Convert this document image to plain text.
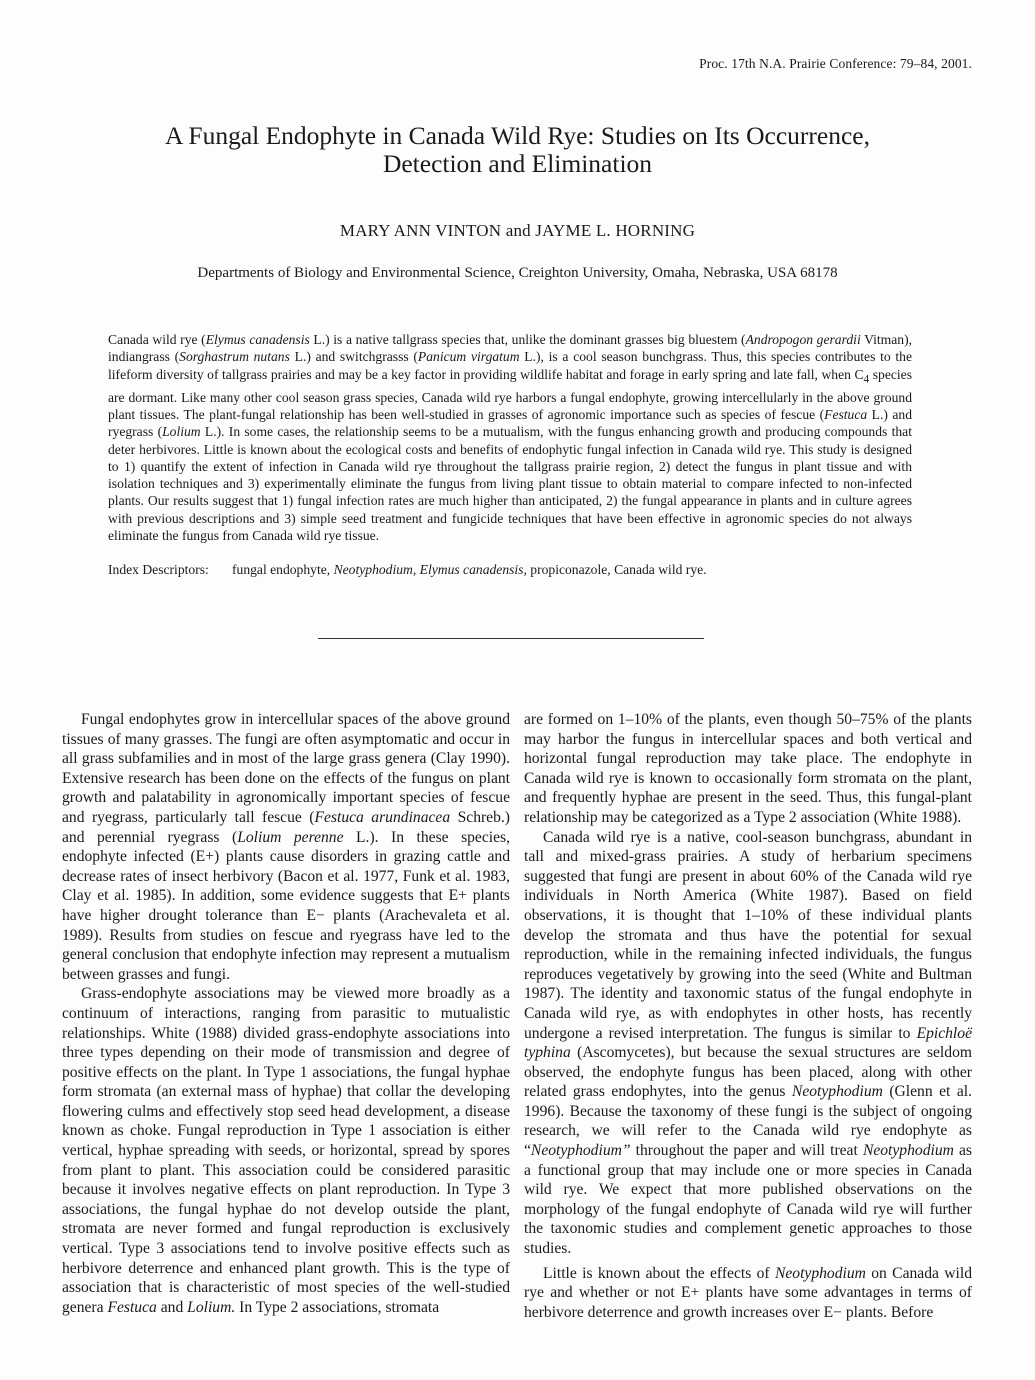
Proc. 17th N.A. Prairie Conference: 79–84, 2001.
A Fungal Endophyte in Canada Wild Rye: Studies on Its Occurrence,
Detection and Elimination
MARY ANN VINTON and JAYME L. HORNING
Departments of Biology and Environmental Science, Creighton University, Omaha, Nebraska, USA 68178

Canada wild rye (Elymus canadensis L.) is a native tallgrass species that, unlike the dominant grasses big bluestem (Andropogon gerardii Vitman), indiangrass (Sorghastrum nutans L.) and switchgrasss (Panicum virgatum L.), is a cool season bunchgrass. Thus, this species contributes to the lifeform diversity of tallgrass prairies and may be a key factor in providing wildlife habitat and forage in early spring and late fall, when $C_4$ species are dormant. Like many other cool season grass species, Canada wild rye harbors a fungal endophyte, growing intercellularly in the above ground plant tissues. The plant-fungal relationship has been well-studied in grasses of agronomic importance such as species of fescue (Festuca L.) and ryegrass (Lolium L.). In some cases, the relationship seems to be a mutualism, with the fungus enhancing growth and producing compounds that deter herbivores. Little is known about the ecological costs and benefits of endophytic fungal infection in Canada wild rye. This study is designed to 1) quantify the extent of infection in Canada wild rye throughout the tallgrass prairie region, 2) detect the fungus in plant tissue and with isolation techniques and 3) experimentally eliminate the fungus from living plant tissue to obtain material to compare infected to non-infected plants. Our results suggest that 1) fungal infection rates are much higher than anticipated, 2) the fungal appearance in plants and in culture agrees with previous descriptions and 3) simple seed treatment and fungicide techniques that have been effective in agronomic species do not always eliminate the fungus from Canada wild rye tissue.

Index Descriptors: fungal endophyte, Neotyphodium, Elymus canadensis, propiconazole, Canada wild rye.

Fungal endophytes grow in intercellular spaces of the above ground tissues of many grasses. The fungi are often asymptomatic and occur in all grass subfamilies and in most of the large grass genera (Clay 1990). Extensive research has been done on the effects of the fungus on plant growth and palatability in agronomically important species of fescue and ryegrass, particularly tall fescue (Festuca arundinacea Schreb.) and perennial ryegrass (Lolium perenne L.). In these species, endophyte infected (E+) plants cause disorders in grazing cattle and decrease rates of insect herbivory (Bacon et al. 1977, Funk et al. 1983, Clay et al. 1985). In addition, some evidence suggests that E+ plants have higher drought tolerance than E− plants (Arachevaleta et al. 1989). Results from studies on fescue and ryegrass have led to the general conclusion that endophyte infection may represent a mutualism between grasses and fungi.

Grass-endophyte associations may be viewed more broadly as a continuum of interactions, ranging from parasitic to mutualistic relationships. White (1988) divided grass-endophyte associations into three types depending on their mode of transmission and degree of positive effects on the plant. In Type 1 associations, the fungal hyphae form stromata (an external mass of hyphae) that collar the developing flowering culms and effectively stop seed head development, a disease known as choke. Fungal reproduction in Type 1 association is either vertical, hyphae spreading with seeds, or horizontal, spread by spores from plant to plant. This association could be considered parasitic because it involves negative effects on plant reproduction. In Type 3 associations, the fungal hyphae do not develop outside the plant, stromata are never formed and fungal reproduction is exclusively vertical. Type 3 associations tend to involve positive effects such as herbivore deterrence and enhanced plant growth. This is the type of association that is characteristic of most species of the well-studied genera Festuca and Lolium. In Type 2 associations, stromata

are formed on 1–10% of the plants, even though 50–75% of the plants may harbor the fungus in intercellular spaces and both vertical and horizontal fungal reproduction may take place. The endophyte in Canada wild rye is known to occasionally form stromata on the plant, and frequently hyphae are present in the seed. Thus, this fungal-plant relationship may be categorized as a Type 2 association (White 1988).

Canada wild rye is a native, cool-season bunchgrass, abundant in tall and mixed-grass prairies. A study of herbarium specimens suggested that fungi are present in about 60% of the Canada wild rye individuals in North America (White 1987). Based on field observations, it is thought that 1–10% of these individual plants develop the stromata and thus have the potential for sexual reproduction, while in the remaining infected individuals, the fungus reproduces vegetatively by growing into the seed (White and Bultman 1987). The identity and taxonomic status of the fungal endophyte in Canada wild rye, as with endophytes in other hosts, has recently undergone a revised interpretation. The fungus is similar to Epichloë typhina (Ascomycetes), but because the sexual structures are seldom observed, the endophyte fungus has been placed, along with other related grass endophytes, into the genus Neotyphodium (Glenn et al. 1996). Because the taxonomy of these fungi is the subject of ongoing research, we will refer to the Canada wild rye endophyte as “Neotyphodium” throughout the paper and will treat Neotyphodium as a functional group that may include one or more species in Canada wild rye. We expect that more published observations on the morphology of the fungal endophyte of Canada wild rye will further the taxonomic studies and complement genetic approaches to those studies.

Little is known about the effects of Neotyphodium on Canada wild rye and whether or not E+ plants have some advantages in terms of herbivore deterrence and growth increases over E− plants. Before
